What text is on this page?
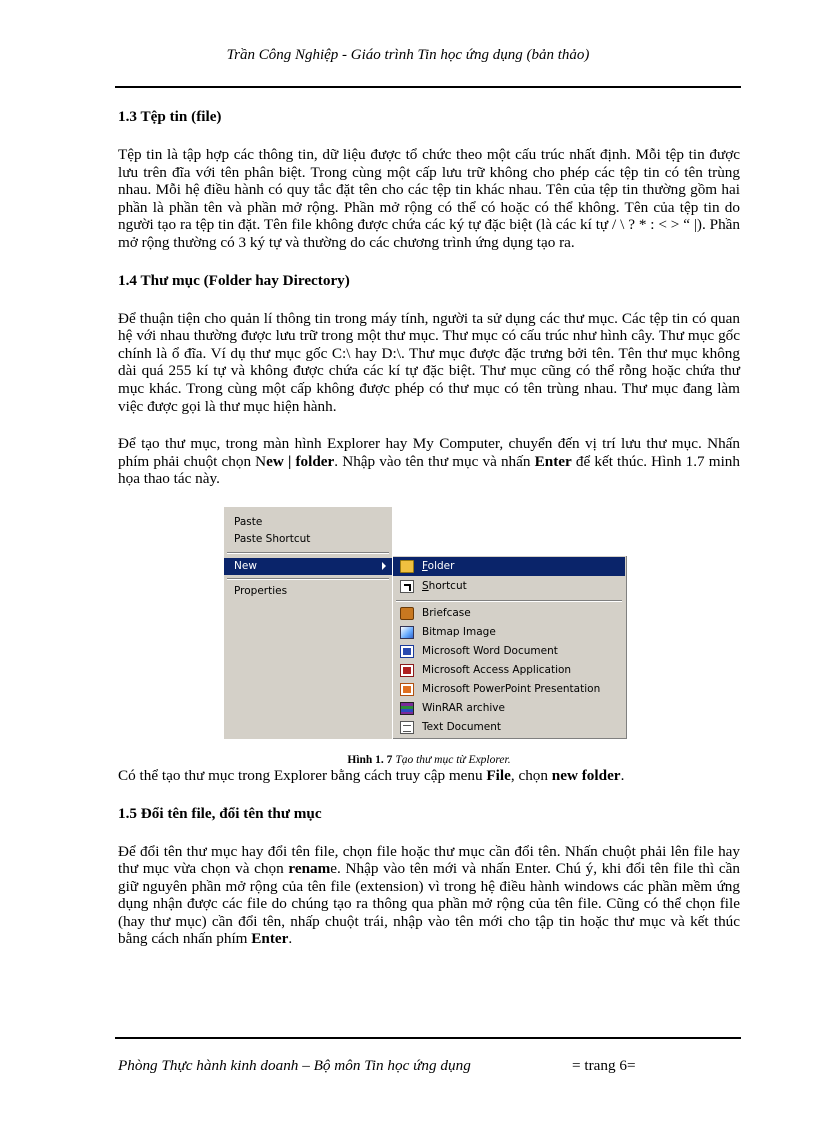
Trần Công Nghiệp - Giáo trình Tin học ứng dụng (bản thảo)
1.3 Tệp tin (file)

Tệp tin là tập hợp các thông tin, dữ liệu được tổ chức theo một cấu trúc nhất định. Mỗi tệp tin được lưu trên đĩa với tên phân biệt. Trong cùng một cấp lưu trữ không cho phép các tệp tin có tên trùng nhau. Mỗi hệ điều hành có quy tắc đặt tên cho các tệp tin khác nhau. Tên của tệp tin thường gồm hai phần là phần tên và phần mở rộng. Phần mở rộng có thể có hoặc có thể không. Tên của tệp tin do người tạo ra tệp tin đặt. Tên file không được chứa các ký tự đặc biệt (là các kí tự / \ ? * : < > “ |). Phần mở rộng thường có 3 ký tự và thường do các chương trình ứng dụng tạo ra.

1.4 Thư mục (Folder hay Directory)

Để thuận tiện cho quản lí thông tin trong máy tính, người ta sử dụng các thư mục. Các tệp tin có quan hệ với nhau thường được lưu trữ trong một thư mục. Thư mục có cấu trúc như hình cây. Thư mục gốc chính là ổ đĩa. Ví dụ thư mục gốc C:\ hay D:\. Thư mục được đặc trưng bởi tên. Tên thư mục không dài quá 255 kí tự và không được chứa các kí tự đặc biệt. Thư mục cũng có thể rỗng hoặc chứa thư mục khác. Trong cùng một cấp không được phép có thư mục có tên trùng nhau. Thư mục đang làm việc được gọi là thư mục hiện hành.

Để tạo thư mục, trong màn hình Explorer hay My Computer, chuyển đến vị trí lưu thư mục. Nhấn phím phải chuột chọn New | folder. Nhập vào tên thư mục và nhấn Enter để kết thúc. Hình 1.7 minh họa thao tác này.

Paste
Paste Shortcut
New
Properties
Folder
Shortcut
Briefcase
Bitmap Image
Microsoft Word Document
Microsoft Access Application
Microsoft PowerPoint Presentation
WinRAR archive
Text Document
Hình 1. 7 Tạo thư mục từ Explorer.

Có thể tạo thư mục trong Explorer bằng cách truy cập menu File, chọn new folder.

1.5 Đổi tên file, đổi tên thư mục

Để đổi tên thư mục hay đổi tên file, chọn file hoặc thư mục cần đổi tên. Nhấn chuột phải lên file hay thư mục vừa chọn và chọn rename. Nhập vào tên mới và nhấn Enter. Chú ý, khi đổi tên file thì cần giữ nguyên phần mở rộng của tên file (extension) vì trong hệ điều hành windows các phần mềm ứng dụng nhận được các file do chúng tạo ra thông qua phần mở rộng của tên file. Cũng có thể chọn file (hay thư mục) cần đổi tên, nhấp chuột trái, nhập vào tên mới cho tập tin hoặc thư mục và kết thúc bằng cách nhấn phím Enter.

Phòng Thực hành kinh doanh – Bộ môn Tin học ứng dụng	= trang 6=
